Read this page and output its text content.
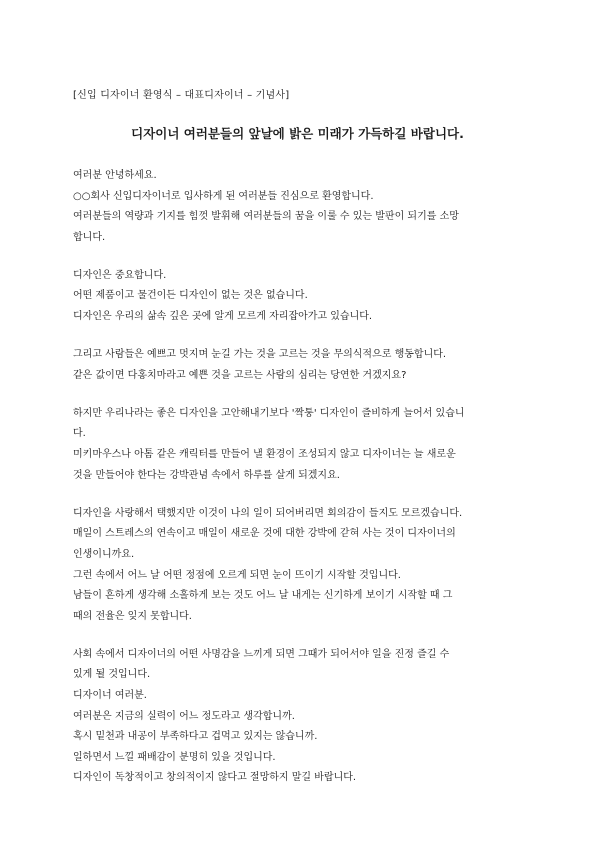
[신입 디자이너 환영식 – 대표디자이너 – 기념사]
디자이너 여러분들의 앞날에 밝은 미래가 가득하길 바랍니다.
여러분 안녕하세요.
○○회사 신입디자이너로 입사하게 된 여러분들 진심으로 환영합니다.
여러분들의 역량과 기지를 힘껏 발휘해 여러분들의 꿈을 이룰 수 있는 발판이 되기를 소망
합니다.
디자인은 중요합니다.
어떤 제품이고 물건이든 디자인이 없는 것은 없습니다.
디자인은 우리의 삶속 깊은 곳에 알게 모르게 자리잡아가고 있습니다.
그리고 사람들은 예쁘고 멋지며 눈길 가는 것을 고르는 것을 무의식적으로 행동합니다.
같은 값이면 다홍치마라고 예쁜 것을 고르는 사람의 심리는 당연한 거겠지요?
하지만 우리나라는 좋은 디자인을 고안해내기보다 '짝퉁' 디자인이 즐비하게 늘어서 있습니
다.
미키마우스나 아톰 같은 캐릭터를 만들어 낼 환경이 조성되지 않고 디자이너는 늘 새로운
것을 만들어야 한다는 강박관념 속에서 하루를 살게 되겠지요.
디자인을 사랑해서 택했지만 이것이 나의 일이 되어버리면 회의감이 들지도 모르겠습니다.
매일이 스트레스의 연속이고 매일이 새로운 것에 대한 강박에 갇혀 사는 것이 디자이너의
인생이니까요.
그런 속에서 어느 날 어떤 정점에 오르게 되면 눈이 뜨이기 시작할 것입니다.
남들이 흔하게 생각해 소홀하게 보는 것도 어느 날 내게는 신기하게 보이기 시작할 때 그
때의 전율은 잊지 못합니다.
사회 속에서 디자이너의 어떤 사명감을 느끼게 되면 그때가 되어서야 일을 진정 즐길 수
있게 될 것입니다.
디자이너 여러분.
여러분은 지금의 실력이 어느 정도라고 생각합니까.
혹시 밑천과 내공이 부족하다고 겁먹고 있지는 않습니까.
일하면서 느낄 패배감이 분명히 있을 것입니다.
디자인이 독창적이고 창의적이지 않다고 절망하지 말길 바랍니다.
